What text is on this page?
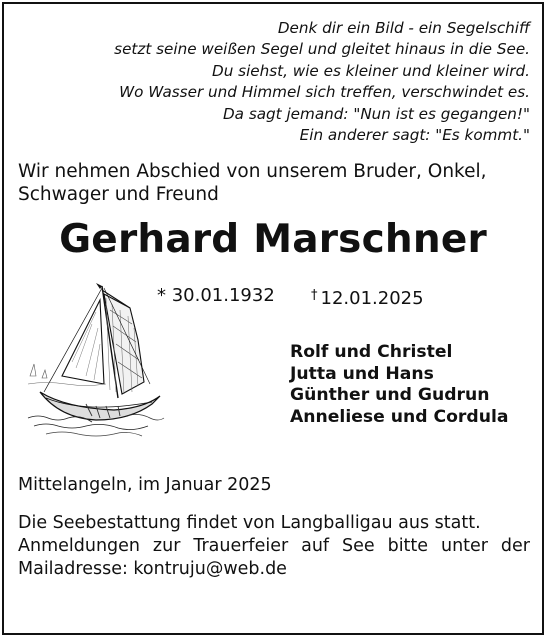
Denk dir ein Bild - ein Segelschiff
setzt seine weißen Segel und gleitet hinaus in die See.
Du siehst, wie es kleiner und kleiner wird.
Wo Wasser und Himmel sich treffen, verschwindet es.
Da sagt jemand: "Nun ist es gegangen!"
Ein anderer sagt: "Es kommt."
Wir nehmen Abschied von unserem Bruder, Onkel, Schwager und Freund
Gerhard Marschner
* 30.01.1932	† 12.01.2025
Rolf und Christel
Jutta und Hans
Günther und Gudrun
Anneliese und Cordula
Mittelangeln, im Januar 2025
Die Seebestattung findet von Langballigau aus statt.
Anmeldungen zur Trauerfeier auf See bitte unter der Mailadresse: kontruju@web.de
